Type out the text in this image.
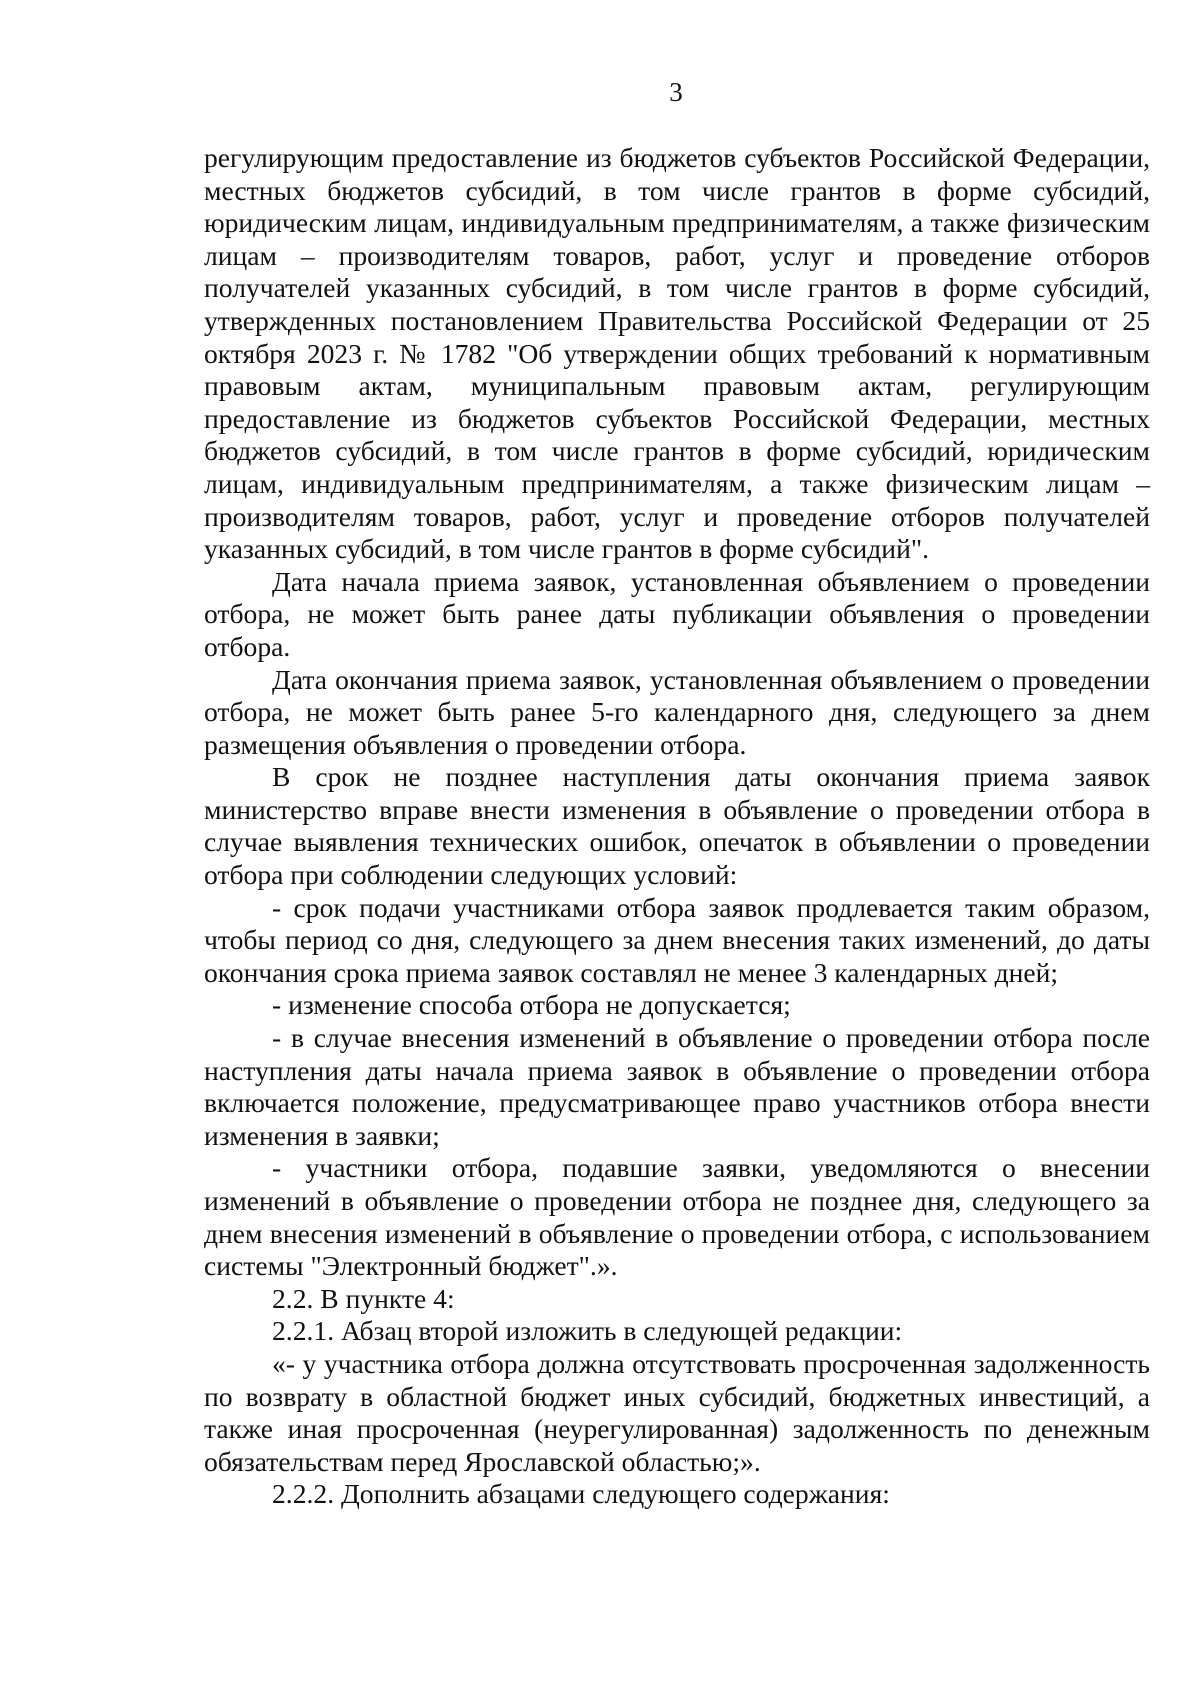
3

регулирующим предоставление из бюджетов субъектов Российской Федерации, местных бюджетов субсидий, в том числе грантов в форме субсидий, юридическим лицам, индивидуальным предпринимателям, а также физическим лицам – производителям товаров, работ, услуг и проведение отборов получателей указанных субсидий, в том числе грантов в форме субсидий, утвержденных постановлением Правительства Российской Федерации от 25 октября 2023 г. № 1782 "Об утверждении общих требований к нормативным правовым актам, муниципальным правовым актам, регулирующим предоставление из бюджетов субъектов Российской Федерации, местных бюджетов субсидий, в том числе грантов в форме субсидий, юридическим лицам, индивидуальным предпринимателям, а также физическим лицам – производителям товаров, работ, услуг и проведение отборов получателей указанных субсидий, в том числе грантов в форме субсидий".

Дата начала приема заявок, установленная объявлением о проведении отбора, не может быть ранее даты публикации объявления о проведении отбора.

Дата окончания приема заявок, установленная объявлением о проведении отбора, не может быть ранее 5-го календарного дня, следующего за днем размещения объявления о проведении отбора.

В срок не позднее наступления даты окончания приема заявок министерство вправе внести изменения в объявление о проведении отбора в случае выявления технических ошибок, опечаток в объявлении о проведении отбора при соблюдении следующих условий:

- срок подачи участниками отбора заявок продлевается таким образом, чтобы период со дня, следующего за днем внесения таких изменений, до даты окончания срока приема заявок составлял не менее 3 календарных дней;

- изменение способа отбора не допускается;

- в случае внесения изменений в объявление о проведении отбора после наступления даты начала приема заявок в объявление о проведении отбора включается положение, предусматривающее право участников отбора внести изменения в заявки;

- участники отбора, подавшие заявки, уведомляются о внесении изменений в объявление о проведении отбора не позднее дня, следующего за днем внесения изменений в объявление о проведении отбора, с использованием системы "Электронный бюджет".».

2.2. В пункте 4:

2.2.1. Абзац второй изложить в следующей редакции:

«- у участника отбора должна отсутствовать просроченная задолженность по возврату в областной бюджет иных субсидий, бюджетных инвестиций, а также иная просроченная (неурегулированная) задолженность по денежным обязательствам перед Ярославской областью;».

2.2.2. Дополнить абзацами следующего содержания:
